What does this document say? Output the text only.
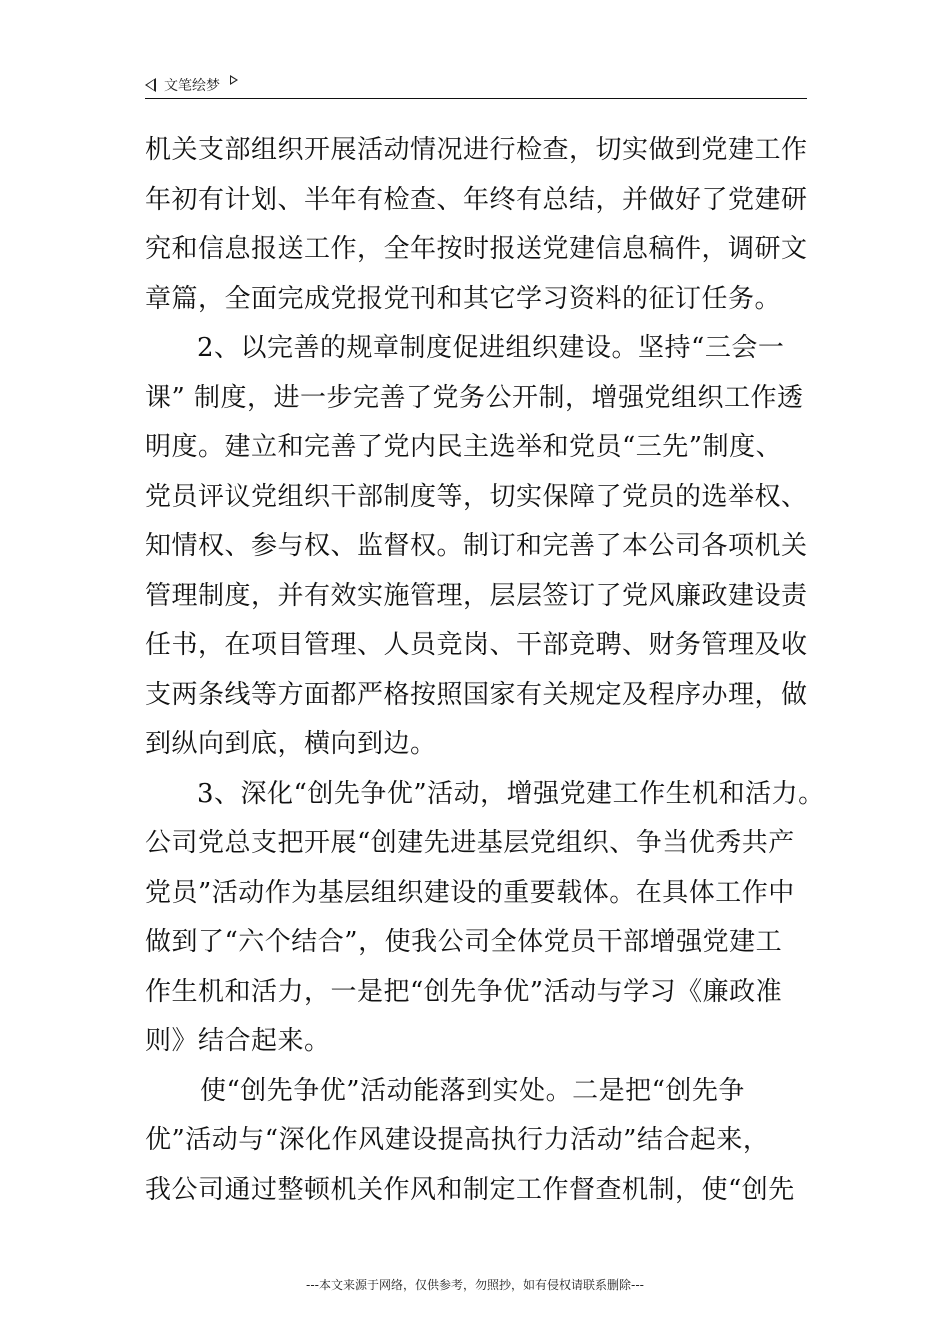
文笔绘梦
机关支部组织开展活动情况进行检查，切实做到党建工作
年初有计划、半年有检查、年终有总结，并做好了党建研
究和信息报送工作，全年按时报送党建信息稿件，调研文
章篇，全面完成党报党刊和其它学习资料的征订任务。
2、以完善的规章制度促进组织建设。坚持“三会一
课” 制度，进一步完善了党务公开制，增强党组织工作透
明度。建立和完善了党内民主选举和党员“三先”制度、
党员评议党组织干部制度等，切实保障了党员的选举权、
知情权、参与权、监督权。制订和完善了本公司各项机关
管理制度，并有效实施管理，层层签订了党风廉政建设责
任书，在项目管理、人员竞岗、干部竞聘、财务管理及收
支两条线等方面都严格按照国家有关规定及程序办理，做
到纵向到底，横向到边。
3、深化“创先争优”活动，增强党建工作生机和活力。
公司党总支把开展“创建先进基层党组织、争当优秀共产
党员”活动作为基层组织建设的重要载体。在具体工作中
做到了“六个结合”，使我公司全体党员干部增强党建工
作生机和活力，一是把“创先争优”活动与学习《廉政准
则》结合起来。
使“创先争优”活动能落到实处。二是把“创先争
优”活动与“深化作风建设提高执行力活动”结合起来，
我公司通过整顿机关作风和制定工作督查机制，使“创先
---本文来源于网络，仅供参考，勿照抄，如有侵权请联系删除---
